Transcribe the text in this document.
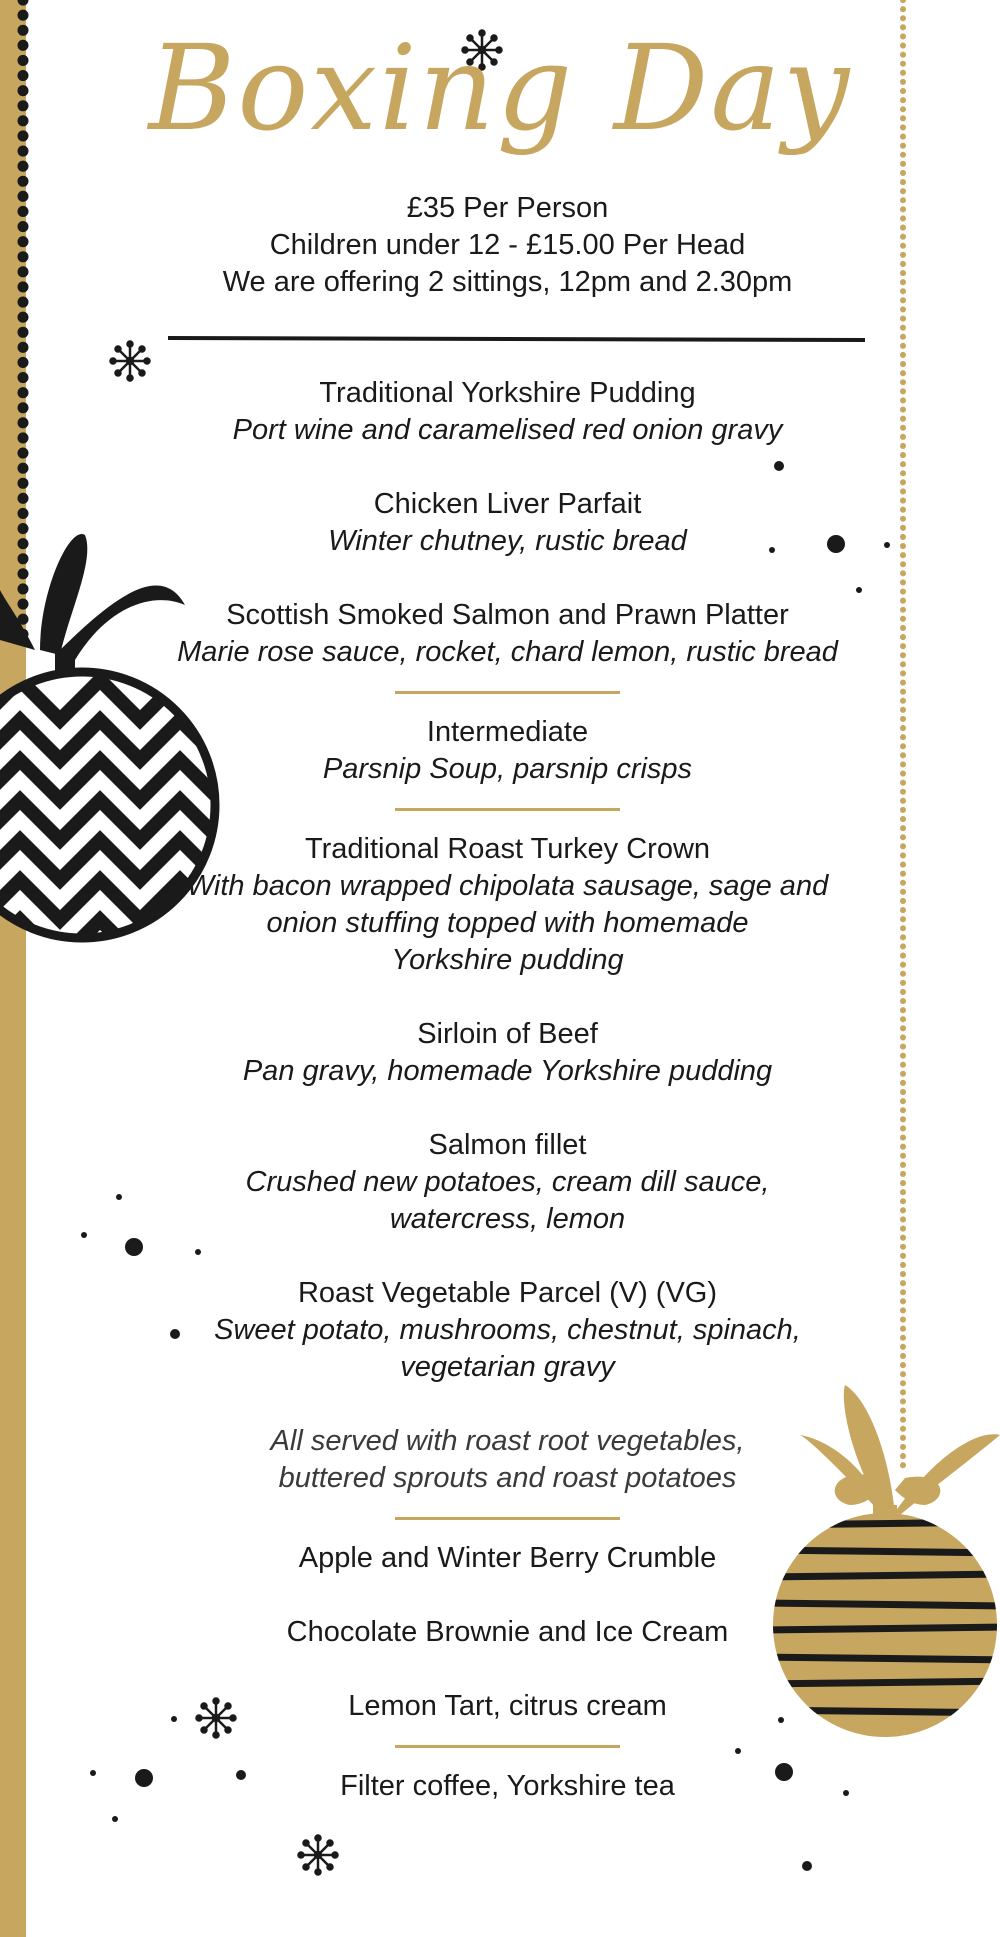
Boxing Day
£35 Per Person
Children under 12 - £15.00 Per Head
We are offering 2 sittings, 12pm and 2.30pm
Traditional Yorkshire Pudding
Port wine and caramelised red onion gravy
Chicken Liver Parfait
Winter chutney, rustic bread
Scottish Smoked Salmon and Prawn Platter
Marie rose sauce, rocket, chard lemon, rustic bread
Intermediate
Parsnip Soup, parsnip crisps
Traditional Roast Turkey Crown
With bacon wrapped chipolata sausage, sage and
onion stuffing topped with homemade
Yorkshire pudding
Sirloin of Beef
Pan gravy, homemade Yorkshire pudding
Salmon fillet
Crushed new potatoes, cream dill sauce,
watercress, lemon
Roast Vegetable Parcel (V) (VG)
Sweet potato, mushrooms, chestnut, spinach,
vegetarian gravy
All served with roast root vegetables,
buttered sprouts and roast potatoes
Apple and Winter Berry Crumble
Chocolate Brownie and Ice Cream
Lemon Tart, citrus cream
Filter coffee, Yorkshire tea
